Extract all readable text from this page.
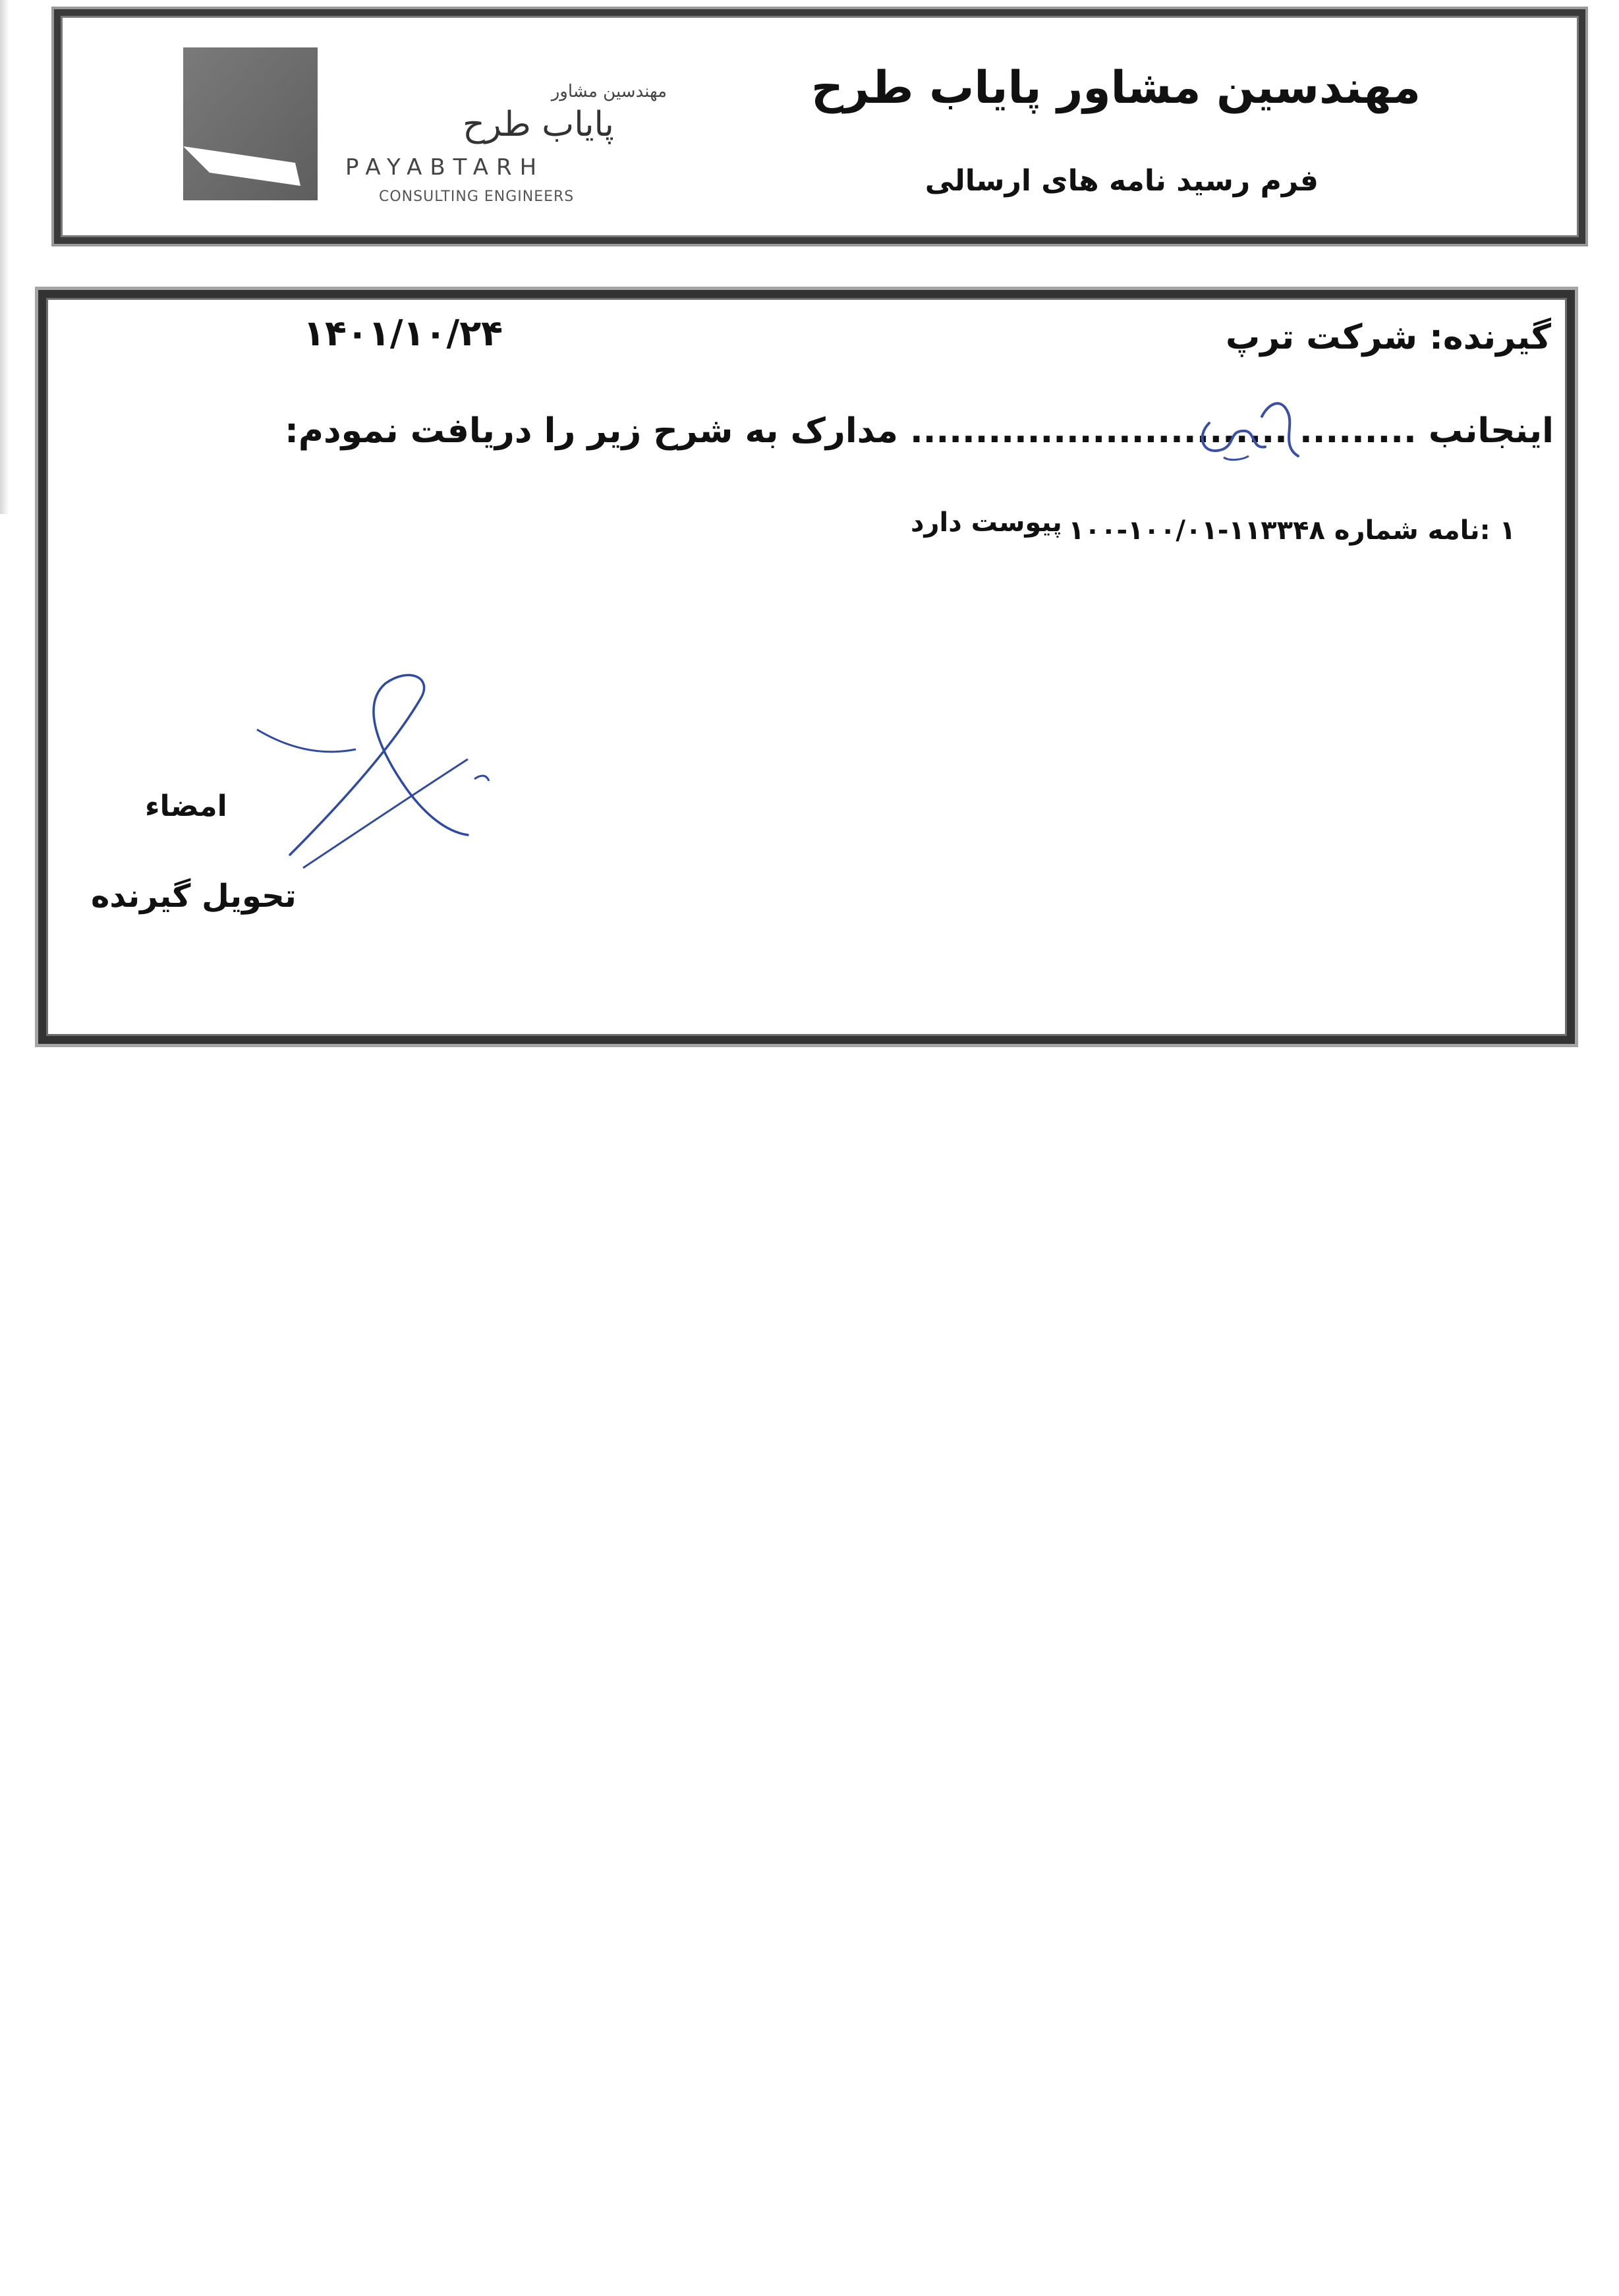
مهندسین مشاور
پایاب طرح
PAYABTARH
CONSULTING ENGINEERS
مهندسین مشاور پایاب طرح
فرم رسید نامه های ارسالی
گیرنده: شرکت ترپ
۱۴۰۱/۱۰/۲۴
اینجانب ......... ............................. مدارک به شرح زیر را دریافت نمودم:
۱ :نامه شماره ۱۱۳۳۴۸-۱۰۰/۰۱-۱۰۰
پیوست دارد
امضاء
تحویل گیرنده
